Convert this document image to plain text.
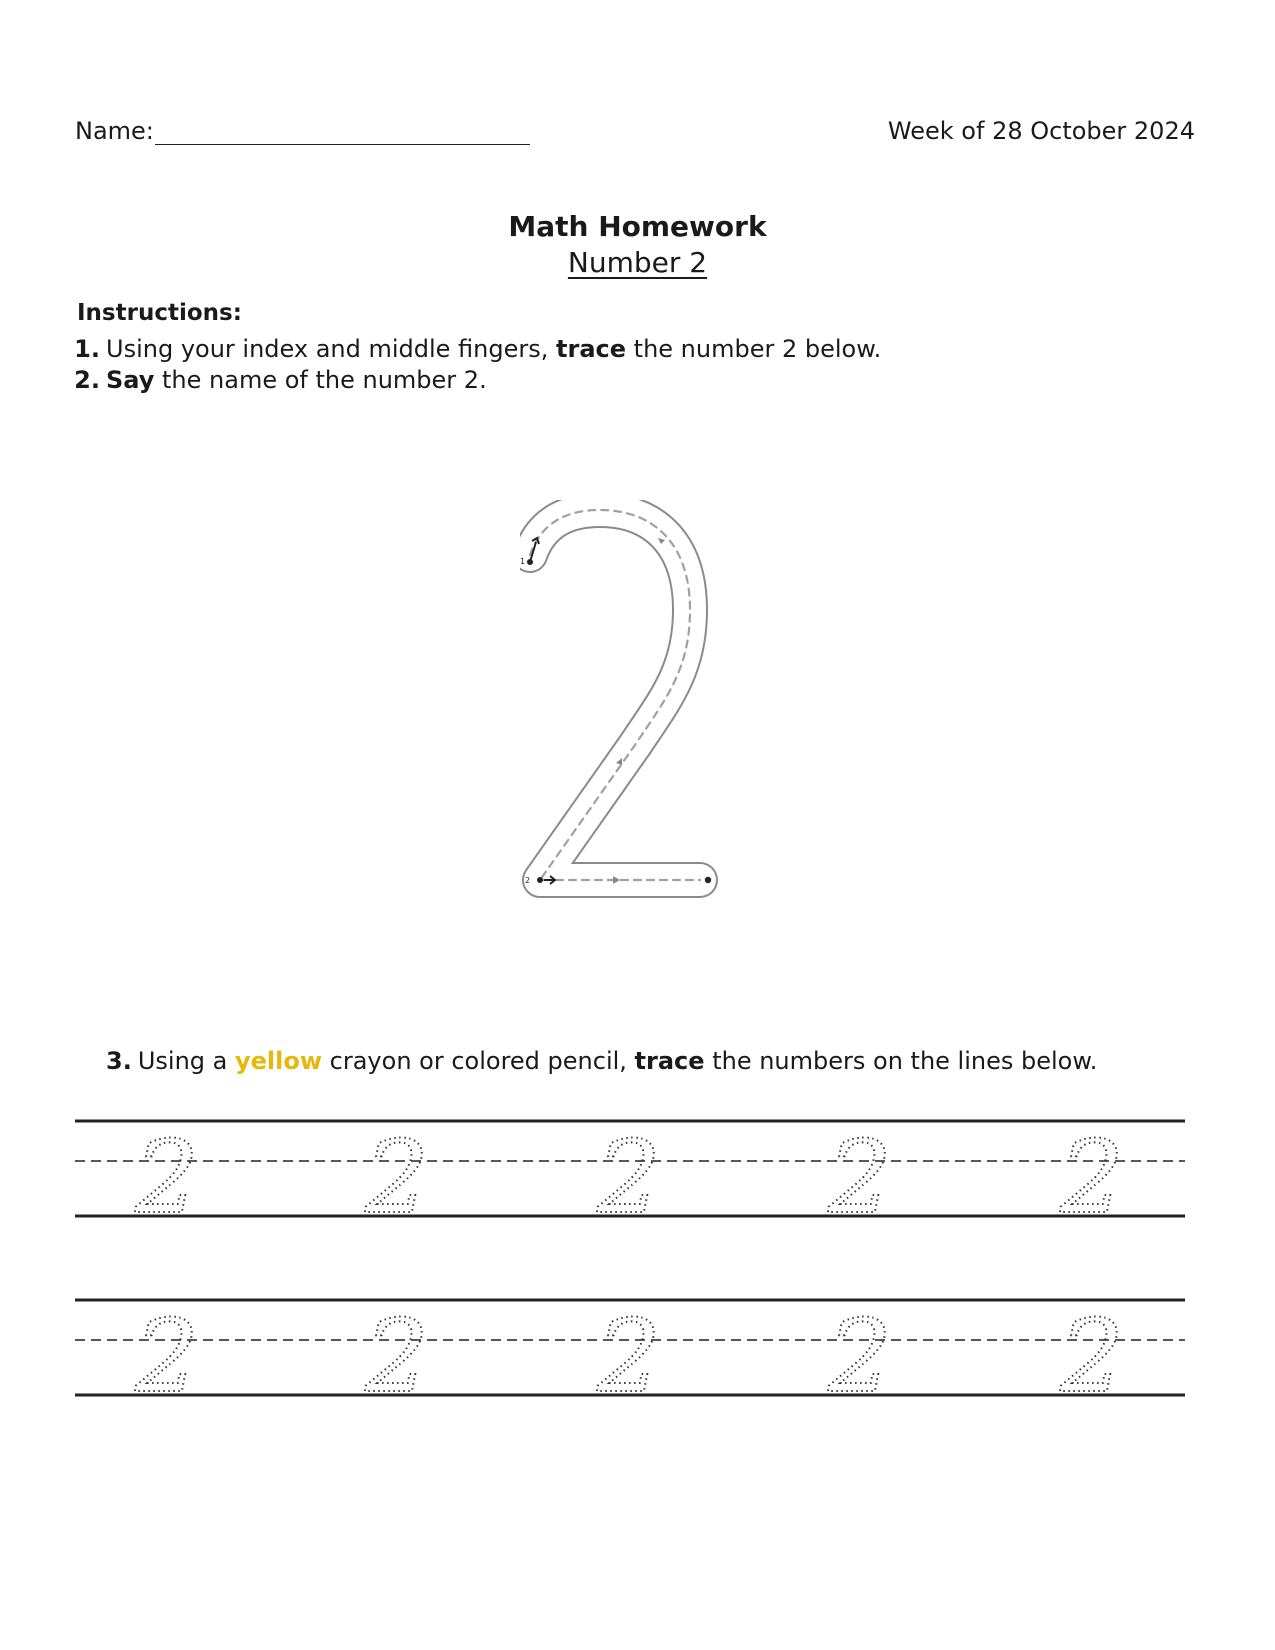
Name:	Week of 28 October 2024
Math Homework
Number 2
Instructions:
1. Using your index and middle fingers, trace the number 2 below.
2. Say the name of the number 2.
1
2
3. Using a yellow crayon or colored pencil, trace the numbers on the lines below.
2 2 2 2 2
2 2 2 2 2
